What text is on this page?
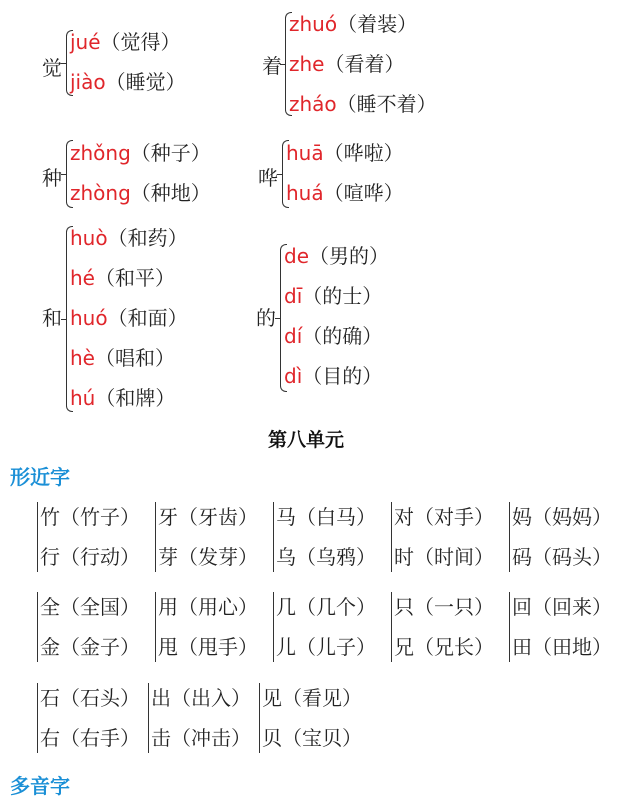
觉
jué（觉得）
jiào（睡觉）
着
zhuó（着装）
zhe（看着）
zháo（睡不着）
种
zhǒng（种子）
zhòng（种地）
哗
huā（哗啦）
huá（喧哗）
和
huò（和药）
hé（和平）
huó（和面）
hè（唱和）
hú（和牌）
的
de（男的）
dī（的士）
dí（的确）
dì（目的）
第八单元
形近字
竹（竹子）
行（行动）
牙（牙齿）
芽（发芽）
马（白马）
乌（乌鸦）
对（对手）
时（时间）
妈（妈妈）
码（码头）
全（全国）
金（金子）
用（用心）
甩（甩手）
几（几个）
儿（儿子）
只（一只）
兄（兄长）
回（回来）
田（田地）
石（石头）
右（右手）
出（出入）
击（冲击）
见（看见）
贝（宝贝）
多音字
